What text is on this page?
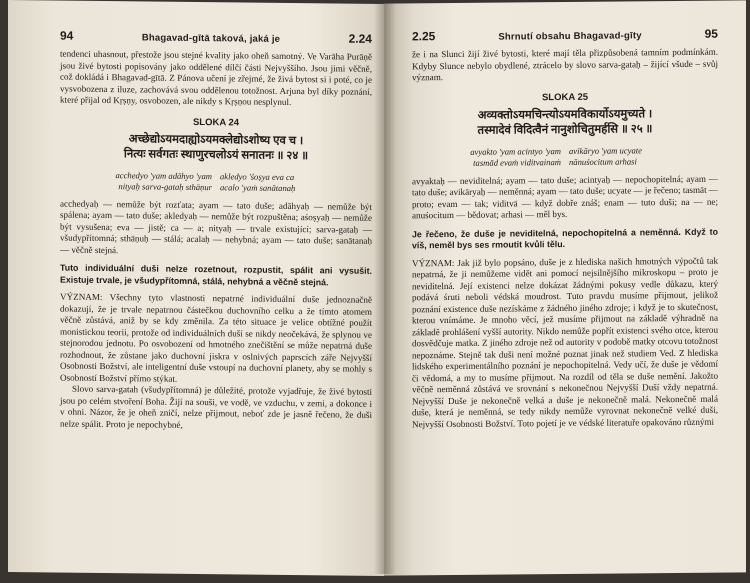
94	Bhagavad-gītā taková, jaká je	2.24

tendenci uhasnout, přestože jsou stejné kvality jako oheň samotný. Ve Varāha Purāṇě jsou živé bytosti popisovány jako oddělené dílčí části Nejvyššího. Jsou jimi věčně, což dokládá i Bhagavad-gītā. Z Pánova učení je zřejmé, že živá bytost si i poté, co je vysvobozena z iluze, zachovává svou oddělenou totožnost. Arjuna byl díky poznání, které přijal od Kṛṣṇy, osvobozen, ale nikdy s Kṛṣṇou nesplynul.

SLOKA 24
अच्छेद्योऽयमदाह्योऽयमक्लेद्योऽशोष्य एव च ।
नित्यः सर्वगतः स्थाणुरचलोऽयं सनातनः ॥ २४ ॥
acchedyo 'yam adāhyo 'yam akledyo 'śoṣya eva ca
nityaḥ sarva-gataḥ sthāṇur acalo 'yaṁ sanātanaḥ

acchedyaḥ — nemůže být rozťata; ayam — tato duše; adāhyaḥ — nemůže být spálena; ayam — tato duše; akledyaḥ — nemůže být rozpuštěna; aśoṣyaḥ — nemůže být vysušena; eva — jistě; ca — a; nityaḥ — trvale existující; sarva-gataḥ — všudypřítomná; sthāṇuḥ — stálá; acalaḥ — nehybná; ayam — tato duše; sanātanaḥ — věčně stejná.

Tuto individuální duši nelze rozetnout, rozpustit, spálit ani vysušit. Existuje trvale, je všudypřítomná, stálá, nehybná a věčně stejná.

VÝZNAM: Všechny tyto vlastnosti nepatrné individuální duše jednoznačně dokazují, že je trvale nepatrnou částečkou duchovního celku a že tímto atomem věčně zůstává, aniž by se kdy změnila. Za této situace je velice obtížné použít monistickou teorii, protože od individuálních duší se nikdy neočekává, že splynou ve stejnorodou jednotu. Po osvobození od hmotného znečištění se může nepatrná duše rozhodnout, že zůstane jako duchovní jiskra v oslnivých paprscích záře Nejvyšší Osobnosti Božství, ale inteligentní duše vstoupí na duchovní planety, aby se mohly s Osobností Božství přímo stýkat.

Slovo sarva-gatah (všudypřítomná) je důležité, protože vyjadřuje, že živé bytosti jsou po celém stvoření Boha. Žijí na souši, ve vodě, ve vzduchu, v zemi, a dokonce i v ohni. Názor, že je oheň zničí, nelze přijmout, neboť zde je jasně řečeno, že duši nelze spálit. Proto je nepochybné,

2.25	Shrnutí obsahu Bhagavad-gīty	95

že i na Slunci žijí živé bytosti, které mají těla přizpůsobená tamním podmínkám. Kdyby Slunce nebylo obydlené, ztrácelo by slovo sarva-gataḥ – žijící všude – svůj význam.

SLOKA 25
अव्यक्तोऽयमचिन्त्योऽयमविकार्योऽयमुच्यते ।
तस्मादेवं विदित्वैनं नानुशोचितुमर्हसि ॥ २५ ॥
avyakto 'yam acintyo 'yam avikāryo 'yam ucyate
tasmād evaṁ viditvainaṁ nānuśocitum arhasi

avyaktaḥ — neviditelná; ayam — tato duše; acintyaḥ — nepochopitelná; ayam — tato duše; avikāryaḥ — neměnná; ayam — tato duše; ucyate — je řečeno; tasmāt — proto; evam — tak; viditvā — když dobře znáš; enam — tuto duši; na — ne; anuśocitum — bědovat; arhasi — měl bys.

Je řečeno, že duše je neviditelná, nepochopitelná a neměnná. Když to víš, neměl bys ses rmoutit kvůli tělu.

VÝZNAM: Jak již bylo popsáno, duše je z hlediska našich hmotných výpočtů tak nepatrná, že ji nemůžeme vidět ani pomocí nejsilnějšího mikroskopu – proto je neviditelná. Její existenci nelze dokázat žádnými pokusy vedle důkazu, který podává śruti neboli védská moudrost. Tuto pravdu musíme přijmout, jelikož poznání existence duše nezískáme z žádného jiného zdroje; i když je to skutečnost, kterou vnímáme. Je mnoho věcí, jež musíme přijmout na základě výhradně na základě prohlášení vyšší autority. Nikdo nemůže popřít existenci svého otce, kterou dosvědčuje matka. Z jiného zdroje než od autority v podobě matky otcovu totožnost nepoznáme. Stejně tak duši není možné poznat jinak než studiem Ved. Z hlediska lidského experimentálního poznání je nepochopitelná. Vedy učí, že duše je vědomí či vědomá, a my to musíme přijmout. Na rozdíl od těla se duše nemění. Jakožto věčně neměnná zůstává ve srovnání s nekonečnou Nejvyšší Duší vždy nepatrná. Nejvyšší Duše je nekonečně velká a duše je nekonečně malá. Nekonečně malá duše, která je neměnná, se tedy nikdy nemůže vyrovnat nekonečně velké duši, Nejvyšší Osobnosti Božství. Toto pojetí je ve védské literatuře opakováno různými
